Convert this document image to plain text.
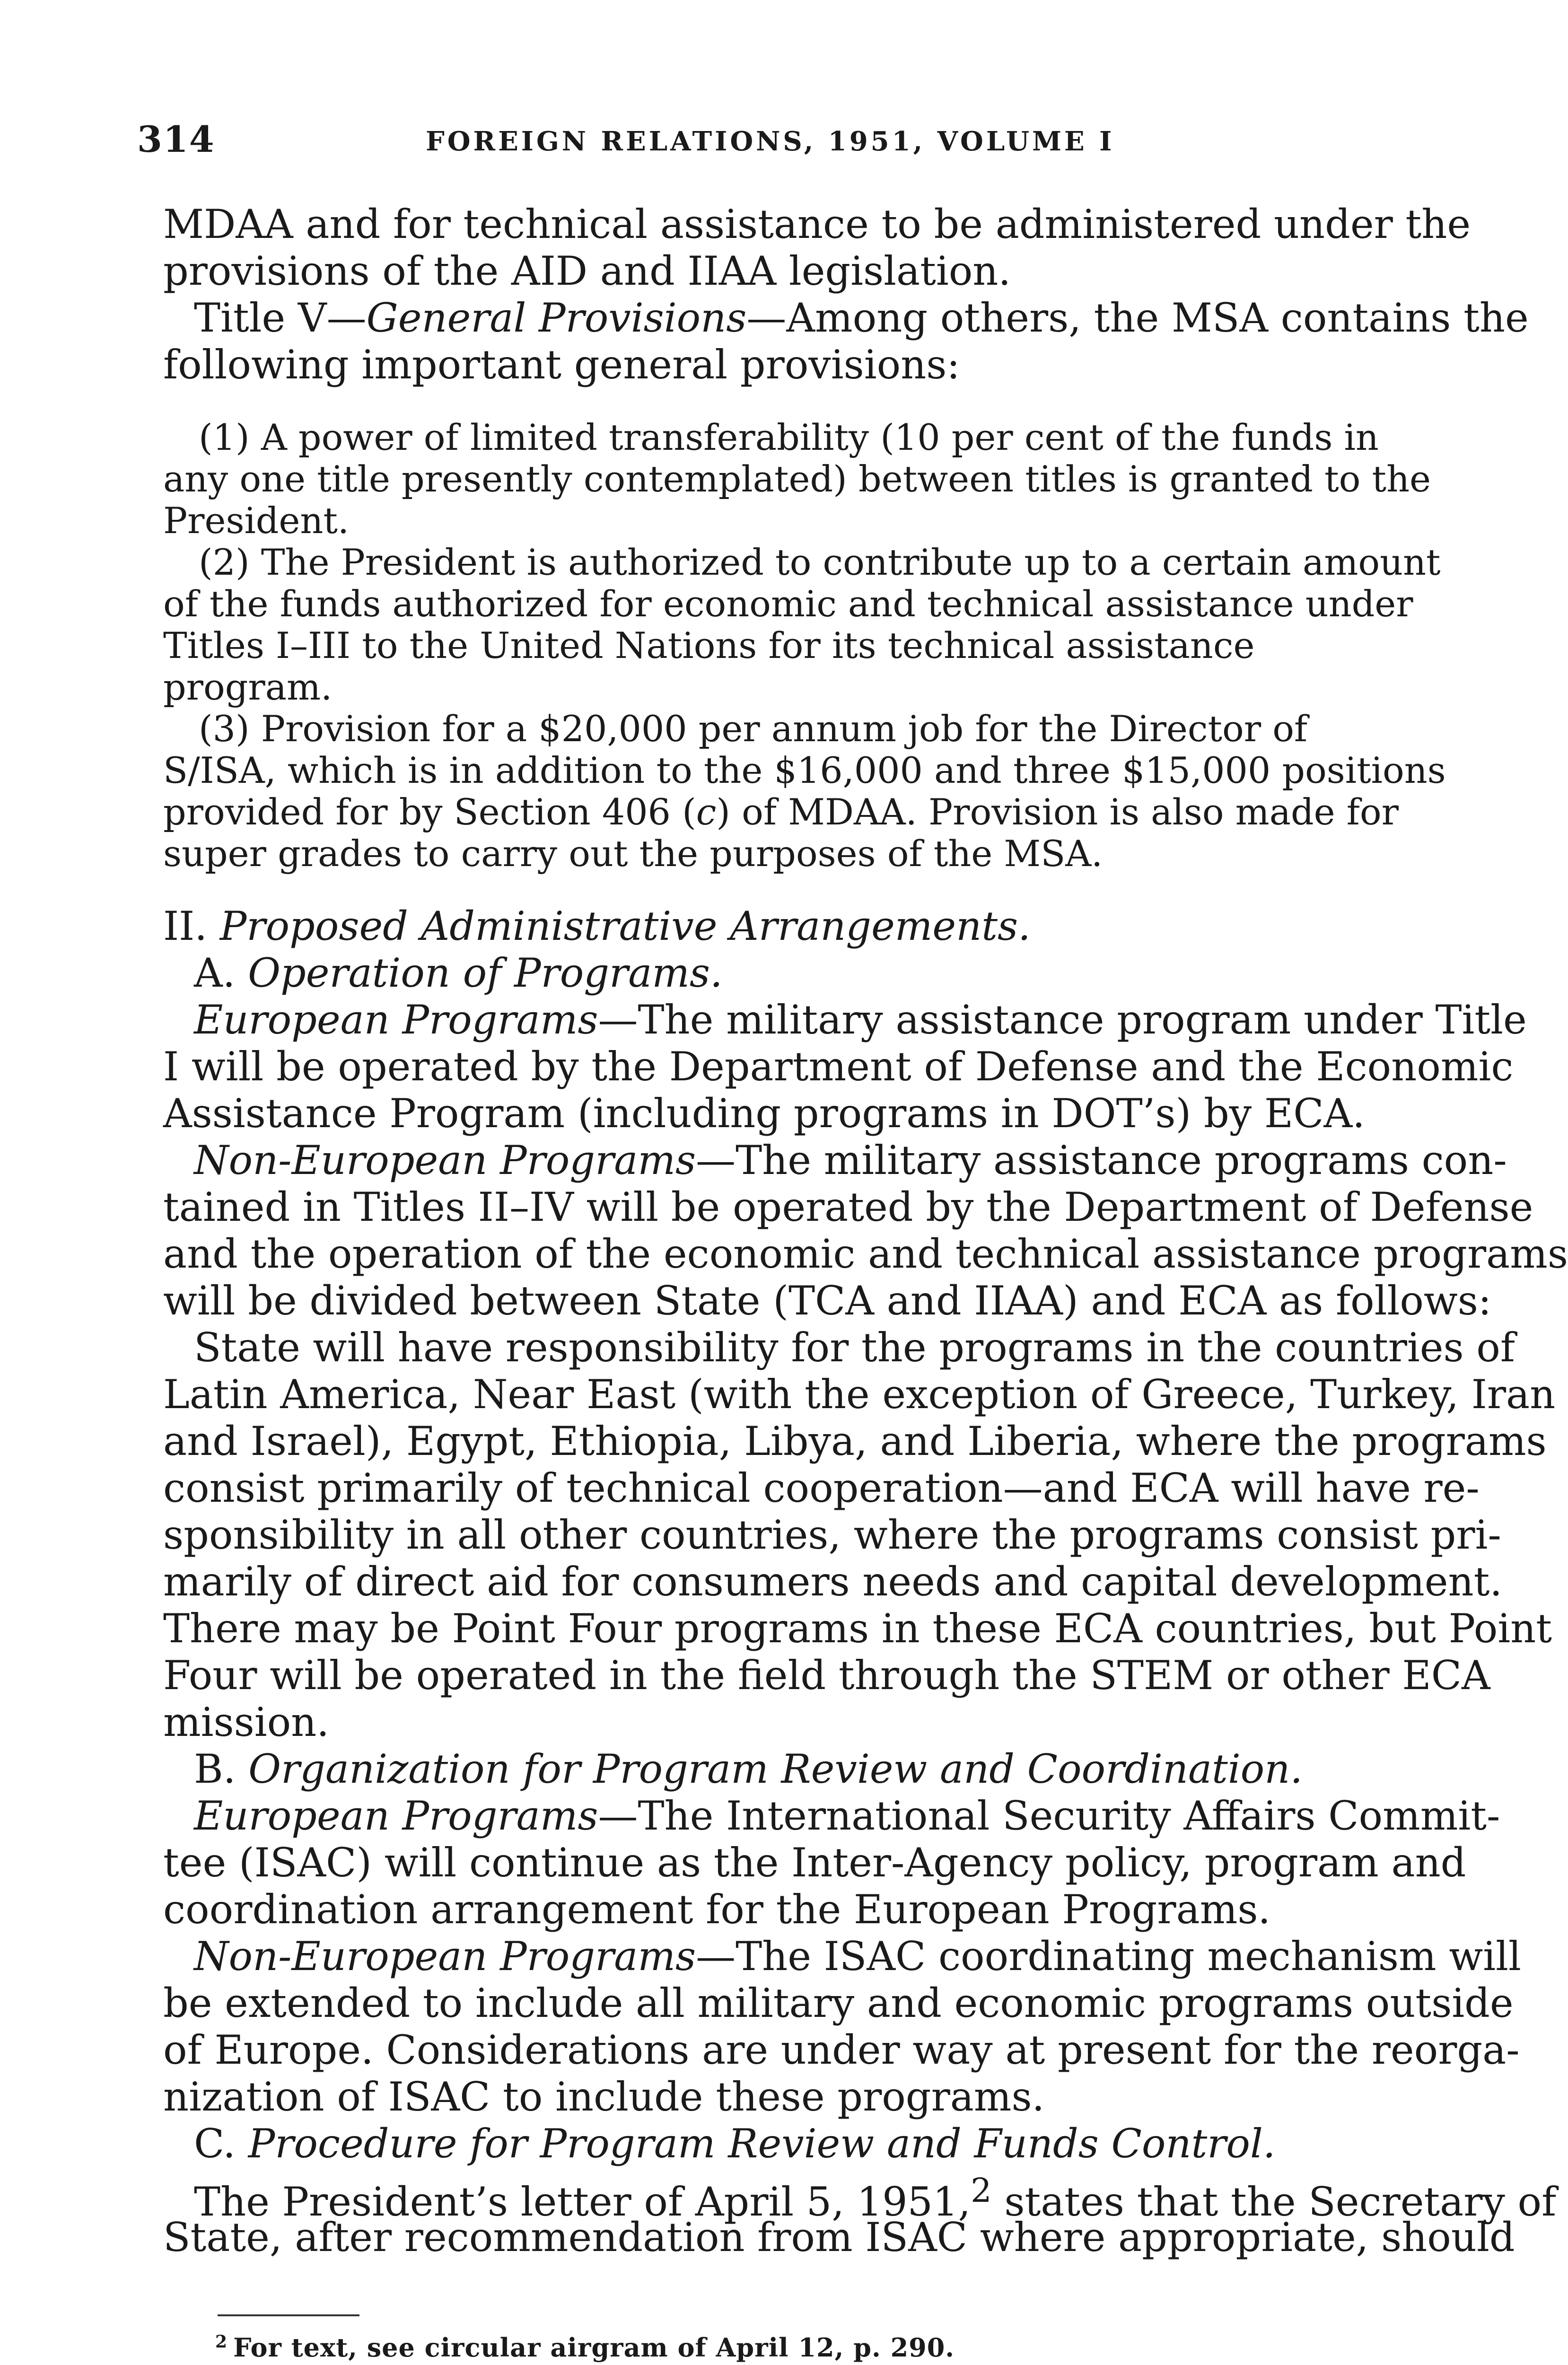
314	FOREIGN RELATIONS, 1951, VOLUME I
MDAA and for technical assistance to be administered under the
provisions of the AID and IIAA legislation.
Title V—General Provisions—Among others, the MSA contains the
following important general provisions:
(1) A power of limited transferability (10 per cent of the funds in
any one title presently contemplated) between titles is granted to the
President.
(2) The President is authorized to contribute up to a certain amount
of the funds authorized for economic and technical assistance under
Titles I–III to the United Nations for its technical assistance
program.
(3) Provision for a $20,000 per annum job for the Director of
S/ISA, which is in addition to the $16,000 and three $15,000 positions
provided for by Section 406 (c) of MDAA. Provision is also made for
super grades to carry out the purposes of the MSA.
II. Proposed Administrative Arrangements.
A. Operation of Programs.
European Programs—The military assistance program under Title
I will be operated by the Department of Defense and the Economic
Assistance Program (including programs in DOT’s) by ECA.
Non-European Programs—The military assistance programs con-
tained in Titles II–IV will be operated by the Department of Defense
and the operation of the economic and technical assistance programs
will be divided between State (TCA and IIAA) and ECA as follows:
State will have responsibility for the programs in the countries of
Latin America, Near East (with the exception of Greece, Turkey, Iran
and Israel), Egypt, Ethiopia, Libya, and Liberia, where the programs
consist primarily of technical cooperation—and ECA will have re-
sponsibility in all other countries, where the programs consist pri-
marily of direct aid for consumers needs and capital development.
There may be Point Four programs in these ECA countries, but Point
Four will be operated in the field through the STEM or other ECA
mission.
B. Organization for Program Review and Coordination.
European Programs—The International Security Affairs Commit-
tee (ISAC) will continue as the Inter-Agency policy, program and
coordination arrangement for the European Programs.
Non-European Programs—The ISAC coordinating mechanism will
be extended to include all military and economic programs outside
of Europe. Considerations are under way at present for the reorga-
nization of ISAC to include these programs.
C. Procedure for Program Review and Funds Control.
The President’s letter of April 5, 1951,$^2$ states that the Secretary of
State, after recommendation from ISAC where appropriate, should
$^2$ For text, see circular airgram of April 12, p. 290.
